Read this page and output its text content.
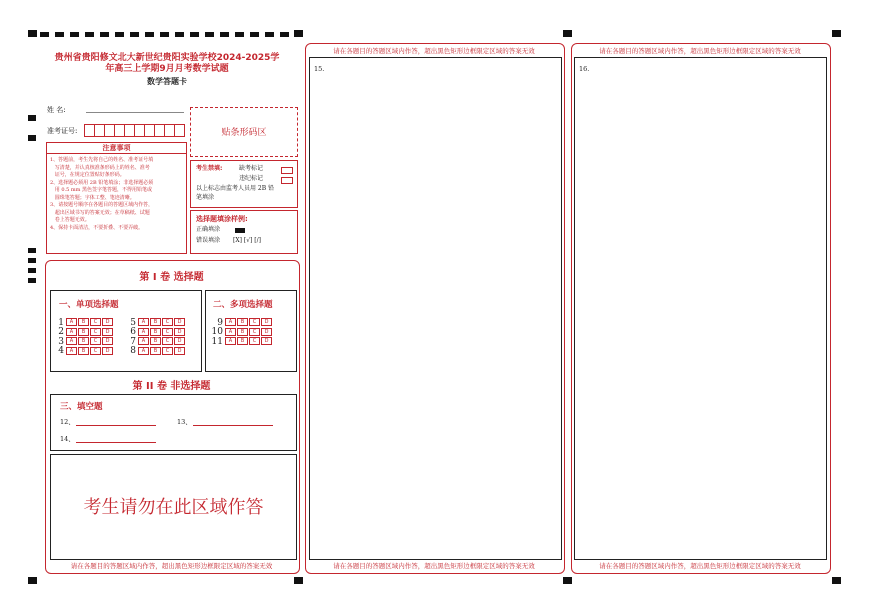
贵州省贵阳修文北大新世纪贵阳实验学校2024-2025学
年高三上学期9月月考数学试题
数学答题卡
姓 名:
准考证号:	贴条形码区
注意事项
1、答题前，考生先将自己的姓名、准考证号填
写清楚，并认真核准条形码上的姓名、准考
证号，在规定位置贴好条形码。
2、选择题必须用 2B 铅笔填涂；非选择题必须
用 0.5 mm 黑色签字笔答题，不得用铅笔或
圆珠笔答题；字体工整、笔迹清晰。
3、请按题号顺序在各题目的答题区域内作答，
超出区域书写的答案无效；在草稿纸、试题
卷上答题无效。
4、保持卡面清洁，不要折叠、不要弄破。
考生禁填:	缺考标记
违纪标记
以上标志由监考人员用 2B 铅
笔填涂
选择题填涂样例:
正确填涂
错误填涂 [X] [√] [/]
第 I 卷 选择题
一、单项选择题
1 A B C D
2 A B C D
3 A B C D
4 A B C D
5 A B C D
6 A B C D
7 A B C D
8 A B C D
二、多项选择题
9 A B C D
10 A B C D
11 A B C D
第 II 卷 非选择题
三、填空题
12、	13、
14、
考生请勿在此区域作答
请在各题目的答题区域内作答，超出黑色矩形边框限定区域的答案无效
请在各题目的答题区域内作答，超出黑色矩形边框限定区域的答案无效
15.
请在各题目的答题区域内作答，超出黑色矩形边框限定区域的答案无效
请在各题目的答题区域内作答，超出黑色矩形边框限定区域的答案无效
16.
请在各题目的答题区域内作答，超出黑色矩形边框限定区域的答案无效
